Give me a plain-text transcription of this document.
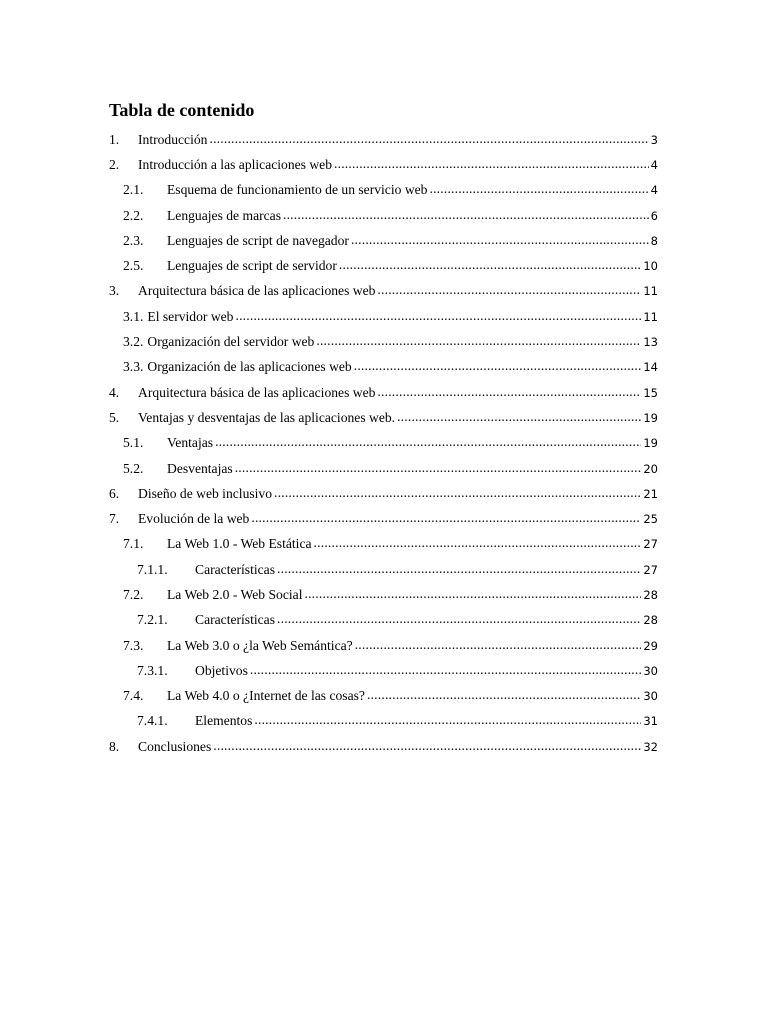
Tabla de contenido
1.	Introducción .....	3
2.	Introducción a las aplicaciones web .....	4
2.1.	Esquema de funcionamiento de un servicio web .....	4
2.2.	Lenguajes de marcas .....	6
2.3.	Lenguajes de script de navegador .....	8
2.5.	Lenguajes de script de servidor .....	10
3.	Arquitectura básica de las aplicaciones web .....	11
3.1. El servidor web .....	11
3.2. Organización del servidor web .....	13
3.3. Organización de las aplicaciones web .....	14
4.	Arquitectura básica de las aplicaciones web .....	15
5.	Ventajas y desventajas de las aplicaciones web. .....	19
5.1.	Ventajas .....	19
5.2.	Desventajas .....	20
6.	Diseño de web inclusivo .....	21
7.	Evolución de la web .....	25
7.1.	La Web 1.0 - Web Estática .....	27
7.1.1.	Características .....	27
7.2.	La Web 2.0 - Web Social .....	28
7.2.1.	Características .....	28
7.3.	La Web 3.0 o ¿la Web Semántica? .....	29
7.3.1.	Objetivos .....	30
7.4.	La Web 4.0 o ¿Internet de las cosas? .....	30
7.4.1.	Elementos .....	31
8.	Conclusiones .....	32
